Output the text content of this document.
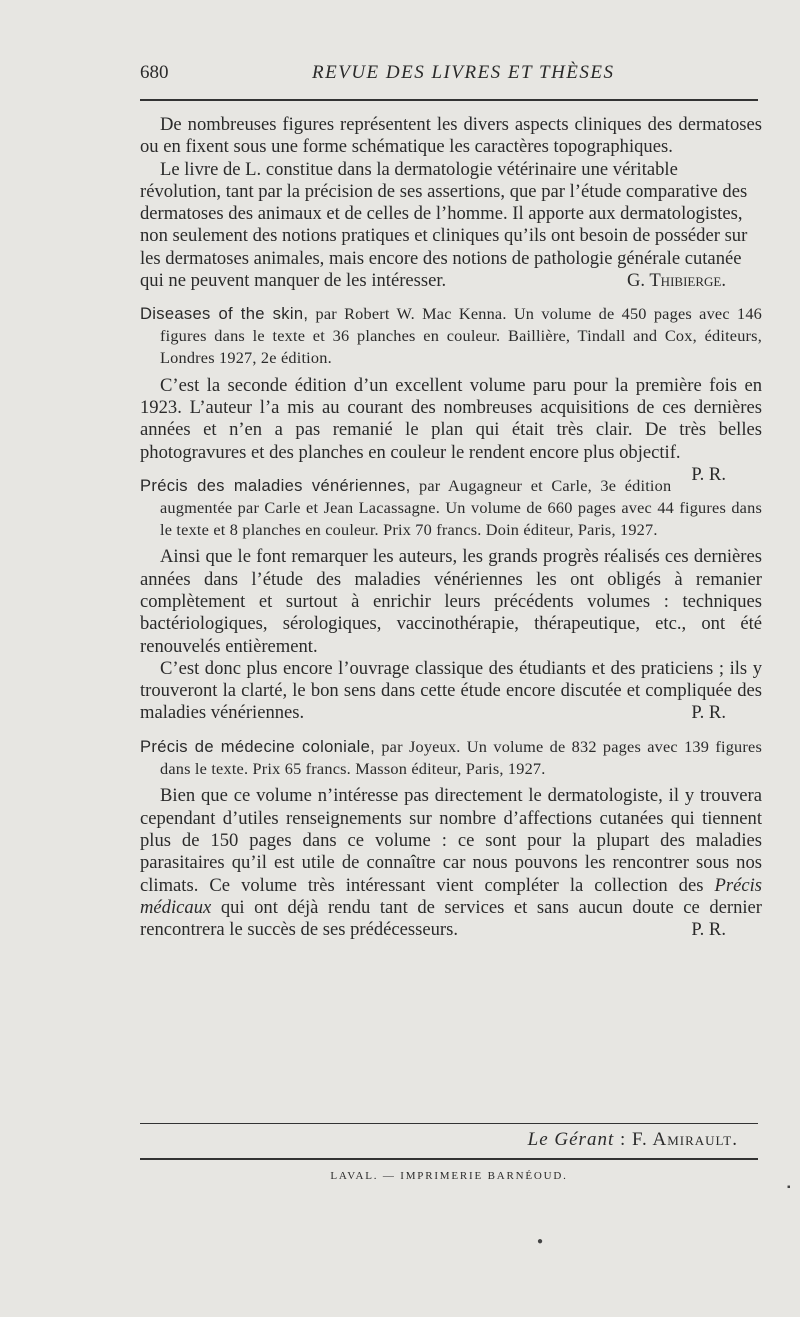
680	REVUE DES LIVRES ET THÈSES

De nombreuses figures représentent les divers aspects cliniques des dermatoses ou en fixent sous une forme schématique les caractères topographiques.

Le livre de L. constitue dans la dermatologie vétérinaire une véritable révolution, tant par la précision de ses assertions, que par l’étude comparative des dermatoses des animaux et de celles de l’homme. Il apporte aux dermatologistes, non seulement des notions pratiques et cliniques qu’ils ont besoin de posséder sur les dermatoses animales, mais encore des notions de pathologie générale cutanée qui ne peuvent manquer de les intéresser.	G. Thibierge.

Diseases of the skin, par Robert W. Mac Kenna. Un volume de 450 pages avec 146 figures dans le texte et 36 planches en couleur. Baillière, Tindall and Cox, éditeurs, Londres 1927, 2e édition.

C’est la seconde édition d’un excellent volume paru pour la première fois en 1923. L’auteur l’a mis au courant des nombreuses acquisitions de ces dernières années et n’en a pas remanié le plan qui était très clair. De très belles photogravures et des planches en couleur le rendent encore plus objectif.
P. R.

Précis des maladies vénériennes, par Augagneur et Carle, 3e édition augmentée par Carle et Jean Lacassagne. Un volume de 660 pages avec 44 figures dans le texte et 8 planches en couleur. Prix 70 francs. Doin éditeur, Paris, 1927.

Ainsi que le font remarquer les auteurs, les grands progrès réalisés ces dernières années dans l’étude des maladies vénériennes les ont obligés à remanier complètement et surtout à enrichir leurs précédents volumes : techniques bactériologiques, sérologiques, vaccinothérapie, thérapeutique, etc., ont été renouvelés entièrement.

C’est donc plus encore l’ouvrage classique des étudiants et des praticiens ; ils y trouveront la clarté, le bon sens dans cette étude encore discutée et compliquée des maladies vénériennes.	P. R.

Précis de médecine coloniale, par Joyeux. Un volume de 832 pages avec 139 figures dans le texte. Prix 65 francs. Masson éditeur, Paris, 1927.

Bien que ce volume n’intéresse pas directement le dermatologiste, il y trouvera cependant d’utiles renseignements sur nombre d’affections cutanées qui tiennent plus de 150 pages dans ce volume : ce sont pour la plupart des maladies parasitaires qu’il est utile de connaître car nous pouvons les rencontrer sous nos climats. Ce volume très intéressant vient compléter la collection des Précis médicaux qui ont déjà rendu tant de services et sans aucun doute ce dernier rencontrera le succès de ses prédécesseurs.	P. R.

Le Gérant : F. Amirault.
LAVAL. — IMPRIMERIE BARNÉOUD.
●
▪
